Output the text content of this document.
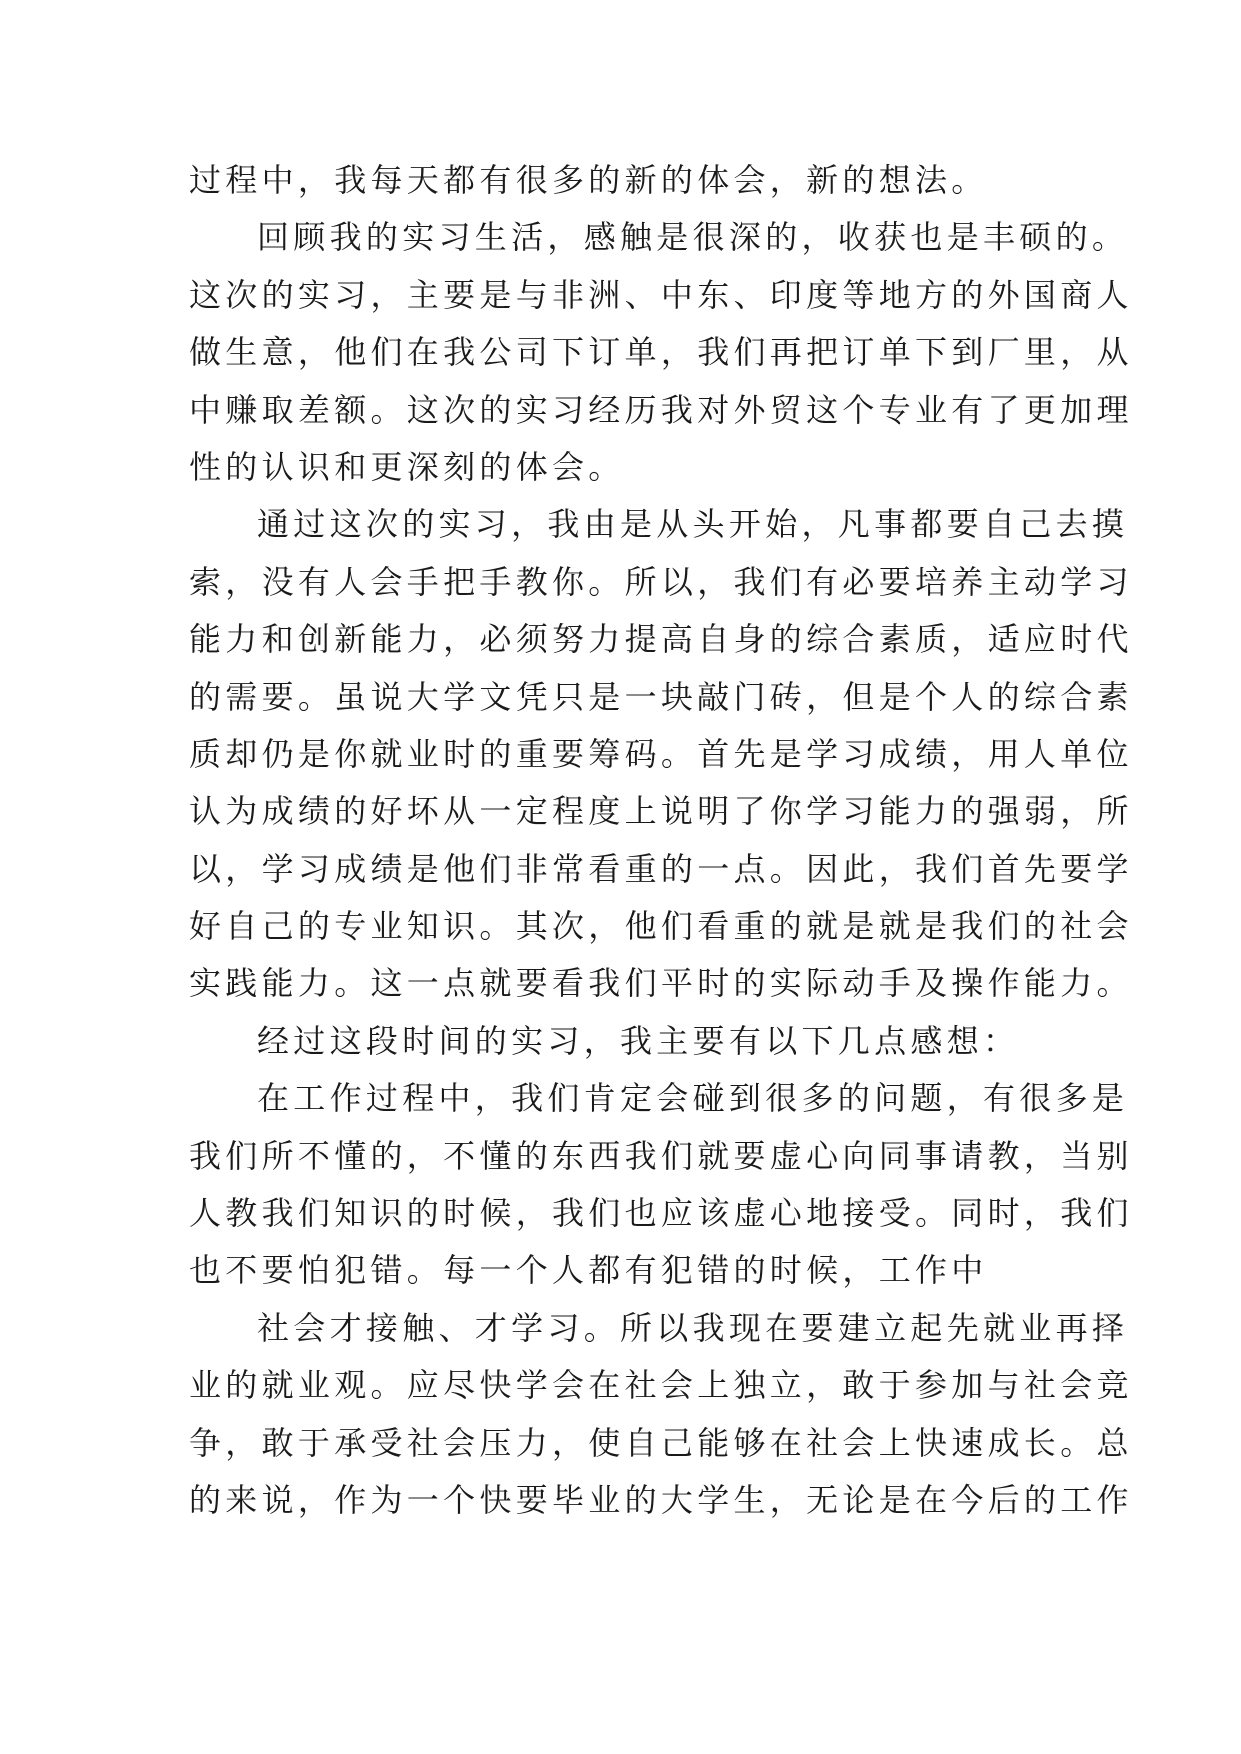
过程中，我每天都有很多的新的体会，新的想法。
回顾我的实习生活，感触是很深的，收获也是丰硕的。
这次的实习，主要是与非洲、中东、印度等地方的外国商人
做生意，他们在我公司下订单，我们再把订单下到厂里，从
中赚取差额。这次的实习经历我对外贸这个专业有了更加理
性的认识和更深刻的体会。
通过这次的实习，我由是从头开始，凡事都要自己去摸
索，没有人会手把手教你。所以，我们有必要培养主动学习
能力和创新能力，必须努力提高自身的综合素质，适应时代
的需要。虽说大学文凭只是一块敲门砖，但是个人的综合素
质却仍是你就业时的重要筹码。首先是学习成绩，用人单位
认为成绩的好坏从一定程度上说明了你学习能力的强弱，所
以，学习成绩是他们非常看重的一点。因此，我们首先要学
好自己的专业知识。其次，他们看重的就是就是我们的社会
实践能力。这一点就要看我们平时的实际动手及操作能力。
经过这段时间的实习，我主要有以下几点感想：
在工作过程中，我们肯定会碰到很多的问题，有很多是
我们所不懂的，不懂的东西我们就要虚心向同事请教，当别
人教我们知识的时候，我们也应该虚心地接受。同时，我们
也不要怕犯错。每一个人都有犯错的时候，工作中
社会才接触、才学习。所以我现在要建立起先就业再择
业的就业观。应尽快学会在社会上独立，敢于参加与社会竞
争，敢于承受社会压力，使自己能够在社会上快速成长。总
的来说，作为一个快要毕业的大学生，无论是在今后的工作
